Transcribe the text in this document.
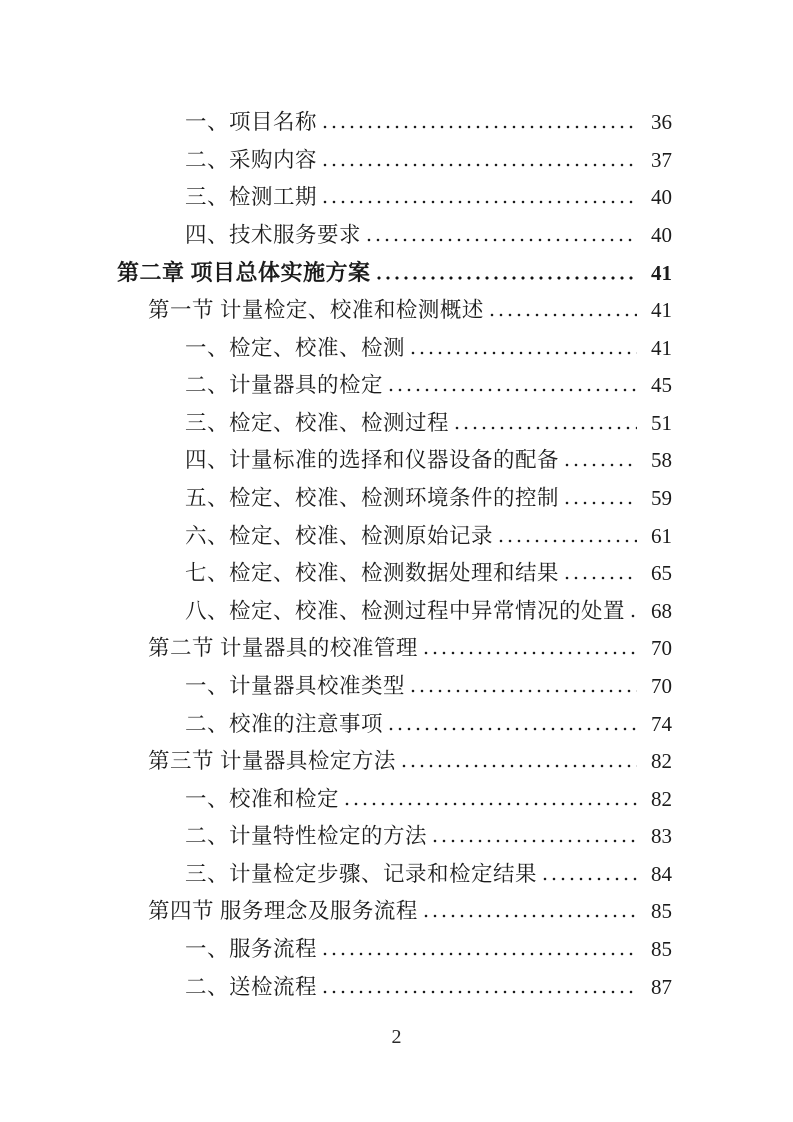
一、项目名称	36
二、采购内容	37
三、检测工期	40
四、技术服务要求	40
第二章 项目总体实施方案	41
第一节 计量检定、校准和检测概述	41
一、检定、校准、检测	41
二、计量器具的检定	45
三、检定、校准、检测过程	51
四、计量标准的选择和仪器设备的配备	58
五、检定、校准、检测环境条件的控制	59
六、检定、校准、检测原始记录	61
七、检定、校准、检测数据处理和结果	65
八、检定、校准、检测过程中异常情况的处置	68
第二节 计量器具的校准管理	70
一、计量器具校准类型	70
二、校准的注意事项	74
第三节 计量器具检定方法	82
一、校准和检定	82
二、计量特性检定的方法	83
三、计量检定步骤、记录和检定结果	84
第四节 服务理念及服务流程	85
一、服务流程	85
二、送检流程	87
2
